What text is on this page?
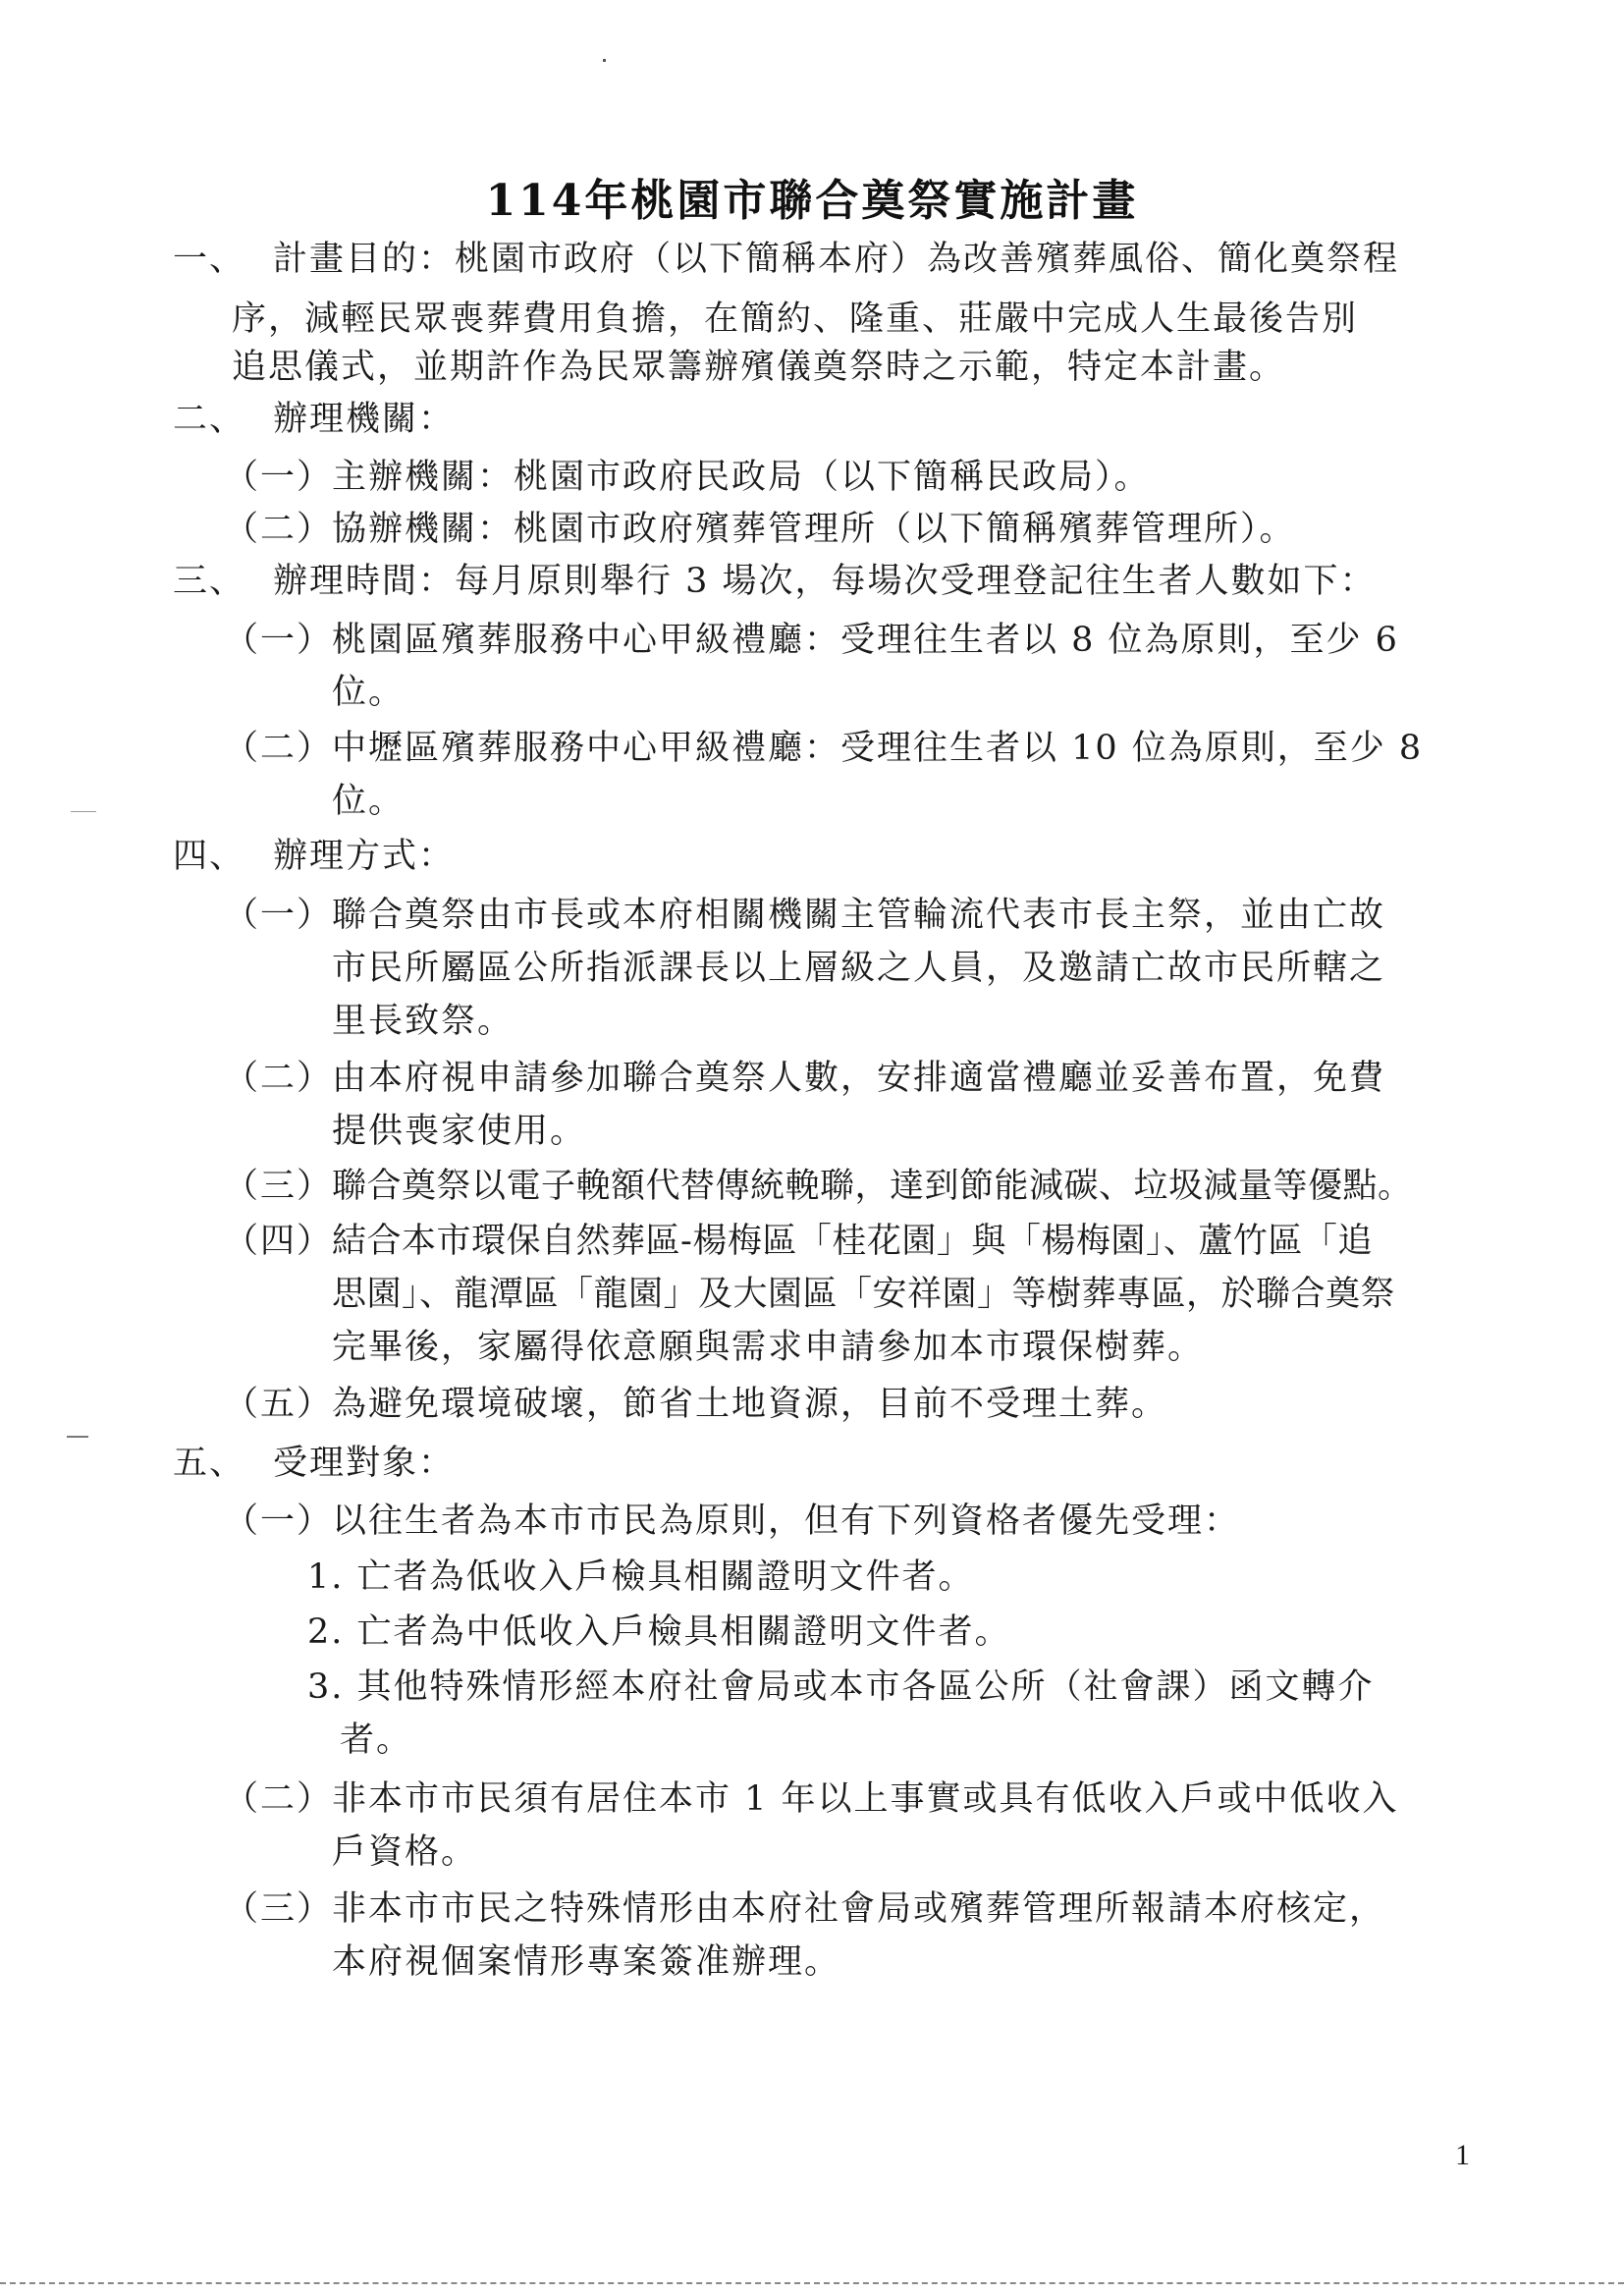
114年桃園市聯合奠祭實施計畫
一、 計畫目的：桃園市政府（以下簡稱本府）為改善殯葬風俗、簡化奠祭程
序，減輕民眾喪葬費用負擔，在簡約、隆重、莊嚴中完成人生最後告別
追思儀式，並期許作為民眾籌辦殯儀奠祭時之示範，特定本計畫。
二、 辦理機關：
（一）
主辦機關：桃園市政府民政局（以下簡稱民政局）。
（二）
協辦機關：桃園市政府殯葬管理所（以下簡稱殯葬管理所）。
三、 辦理時間：每月原則舉行 3 場次，每場次受理登記往生者人數如下：
（一）
桃園區殯葬服務中心甲級禮廳：受理往生者以 8 位為原則，至少 6
位。
（二）
中壢區殯葬服務中心甲級禮廳：受理往生者以 10 位為原則，至少 8
位。
四、 辦理方式：
（一）
聯合奠祭由市長或本府相關機關主管輪流代表市長主祭，並由亡故
市民所屬區公所指派課長以上層級之人員，及邀請亡故市民所轄之
里長致祭。
（二）
由本府視申請參加聯合奠祭人數，安排適當禮廳並妥善布置，免費
提供喪家使用。
（三）
聯合奠祭以電子輓額代替傳統輓聯，達到節能減碳、垃圾減量等優點。
（四）
結合本市環保自然葬區-楊梅區「桂花園」與「楊梅園」、蘆竹區「追
思園」、龍潭區「龍園」及大園區「安祥園」等樹葬專區，於聯合奠祭
完畢後，家屬得依意願與需求申請參加本市環保樹葬。
（五）
為避免環境破壞，節省土地資源，目前不受理土葬。
五、 受理對象：
（一）
以往生者為本市市民為原則，但有下列資格者優先受理：
1. 亡者為低收入戶檢具相關證明文件者。
2. 亡者為中低收入戶檢具相關證明文件者。
3. 其他特殊情形經本府社會局或本市各區公所（社會課）函文轉介
者。
（二）
非本市市民須有居住本市 1 年以上事實或具有低收入戶或中低收入
戶資格。
（三）
非本市市民之特殊情形由本府社會局或殯葬管理所報請本府核定，
本府視個案情形專案簽准辦理。
1
